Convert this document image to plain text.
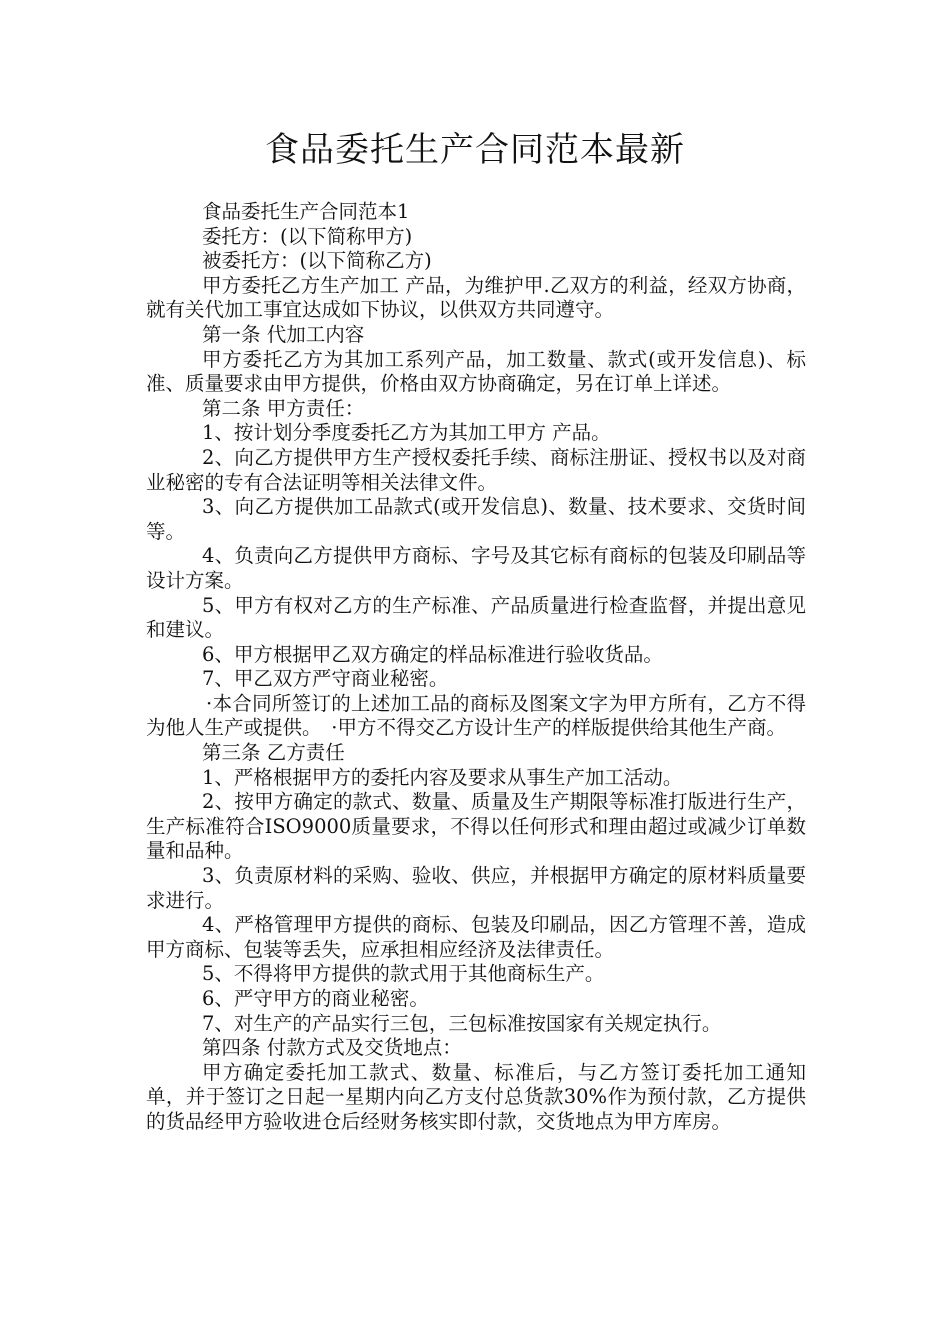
食品委托生产合同范本最新

食品委托生产合同范本1

委托方：(以下简称甲方)

被委托方：(以下简称乙方)

甲方委托乙方生产加工 产品，为维护甲.乙双方的利益，经双方协商，就有关代加工事宜达成如下协议，以供双方共同遵守。

第一条 代加工内容

甲方委托乙方为其加工系列产品，加工数量、款式(或开发信息)、标准、质量要求由甲方提供，价格由双方协商确定，另在订单上详述。

第二条 甲方责任：

1、按计划分季度委托乙方为其加工甲方 产品。

2、向乙方提供甲方生产授权委托手续、商标注册证、授权书以及对商业秘密的专有合法证明等相关法律文件。

3、向乙方提供加工品款式(或开发信息)、数量、技术要求、交货时间等。

4、负责向乙方提供甲方商标、字号及其它标有商标的包装及印刷品等设计方案。

5、甲方有权对乙方的生产标准、产品质量进行检查监督，并提出意见和建议。

6、甲方根据甲乙双方确定的样品标准进行验收货品。

7、甲乙双方严守商业秘密。

·本合同所签订的上述加工品的商标及图案文字为甲方所有，乙方不得为他人生产或提供。　·甲方不得交乙方设计生产的样版提供给其他生产商。

第三条 乙方责任

1、严格根据甲方的委托内容及要求从事生产加工活动。

2、按甲方确定的款式、数量、质量及生产期限等标准打版进行生产，生产标准符合ISO9000质量要求，不得以任何形式和理由超过或减少订单数量和品种。

3、负责原材料的采购、验收、供应，并根据甲方确定的原材料质量要求进行。

4、严格管理甲方提供的商标、包装及印刷品，因乙方管理不善，造成甲方商标、包装等丢失，应承担相应经济及法律责任。

5、不得将甲方提供的款式用于其他商标生产。

6、严守甲方的商业秘密。

7、对生产的产品实行三包，三包标准按国家有关规定执行。

第四条 付款方式及交货地点：

甲方确定委托加工款式、数量、标准后，与乙方签订委托加工通知单，并于签订之日起一星期内向乙方支付总货款30%作为预付款，乙方提供的货品经甲方验收进仓后经财务核实即付款，交货地点为甲方库房。
